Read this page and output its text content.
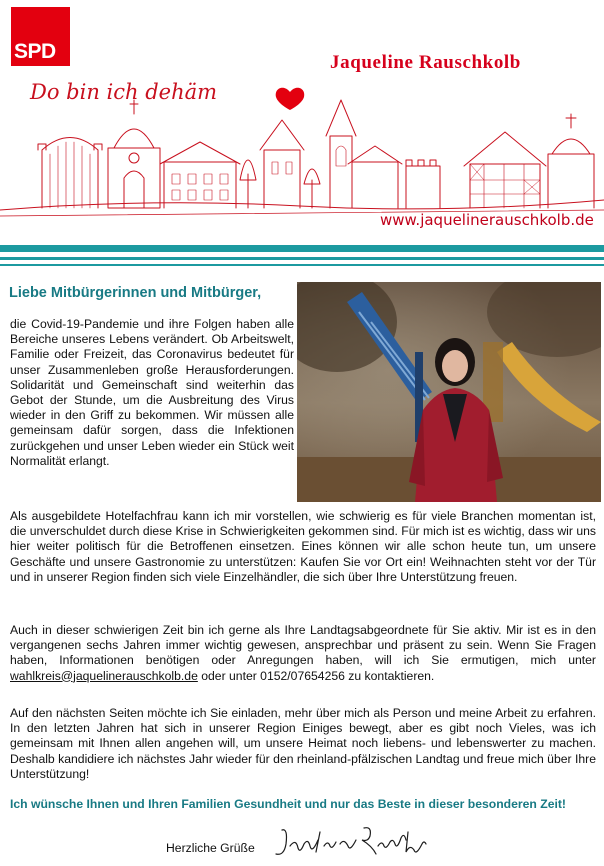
SPD	Jaqueline Rauschkolb
Do bin ich dehäm
www.jaquelinerauschkolb.de
Liebe Mitbürgerinnen und Mitbürger,
die Covid-19-Pandemie und ihre Folgen haben alle Bereiche unseres Lebens verändert. Ob Arbeitswelt, Familie oder Freizeit, das Coronavirus bedeutet für unser Zusammenleben große Herausforderungen. Solidarität und Gemeinschaft sind weiterhin das Gebot der Stunde, um die Ausbreitung des Virus wieder in den Griff zu bekommen. Wir müssen alle gemeinsam dafür sorgen, dass die Infektionen zurückgehen und unser Leben wieder ein Stück weit Normalität erlangt.
Als ausgebildete Hotelfachfrau kann ich mir vorstellen, wie schwierig es für viele Branchen momentan ist, die unverschuldet durch diese Krise in Schwierigkeiten gekommen sind. Für mich ist es wichtig, dass wir uns hier weiter politisch für die Betroffenen einsetzen. Eines können wir alle schon heute tun, um unsere Geschäfte und unsere Gastronomie zu unterstützen: Kaufen Sie vor Ort ein! Weihnachten steht vor der Tür und in unserer Region finden sich viele Einzelhändler, die sich über Ihre Unterstützung freuen.
Auch in dieser schwierigen Zeit bin ich gerne als Ihre Landtagsabgeordnete für Sie aktiv. Mir ist es in den vergangenen sechs Jahren immer wichtig gewesen, ansprechbar und präsent zu sein. Wenn Sie Fragen haben, Informationen benötigen oder Anregungen haben, will ich Sie ermutigen, mich unter wahlkreis@jaquelinerauschkolb.de oder unter 0152/07654256 zu kontaktieren.
Auf den nächsten Seiten möchte ich Sie einladen, mehr über mich als Person und meine Arbeit zu erfahren. In den letzten Jahren hat sich in unserer Region Einiges bewegt, aber es gibt noch Vieles, was ich gemeinsam mit Ihnen allen angehen will, um unsere Heimat noch liebens- und lebenswerter zu machen. Deshalb kandidiere ich nächstes Jahr wieder für den rheinland-pfälzischen Landtag und freue mich über Ihre Unterstützung!
Ich wünsche Ihnen und Ihren Familien Gesundheit und nur das Beste in dieser besonderen Zeit!
Herzliche Grüße
